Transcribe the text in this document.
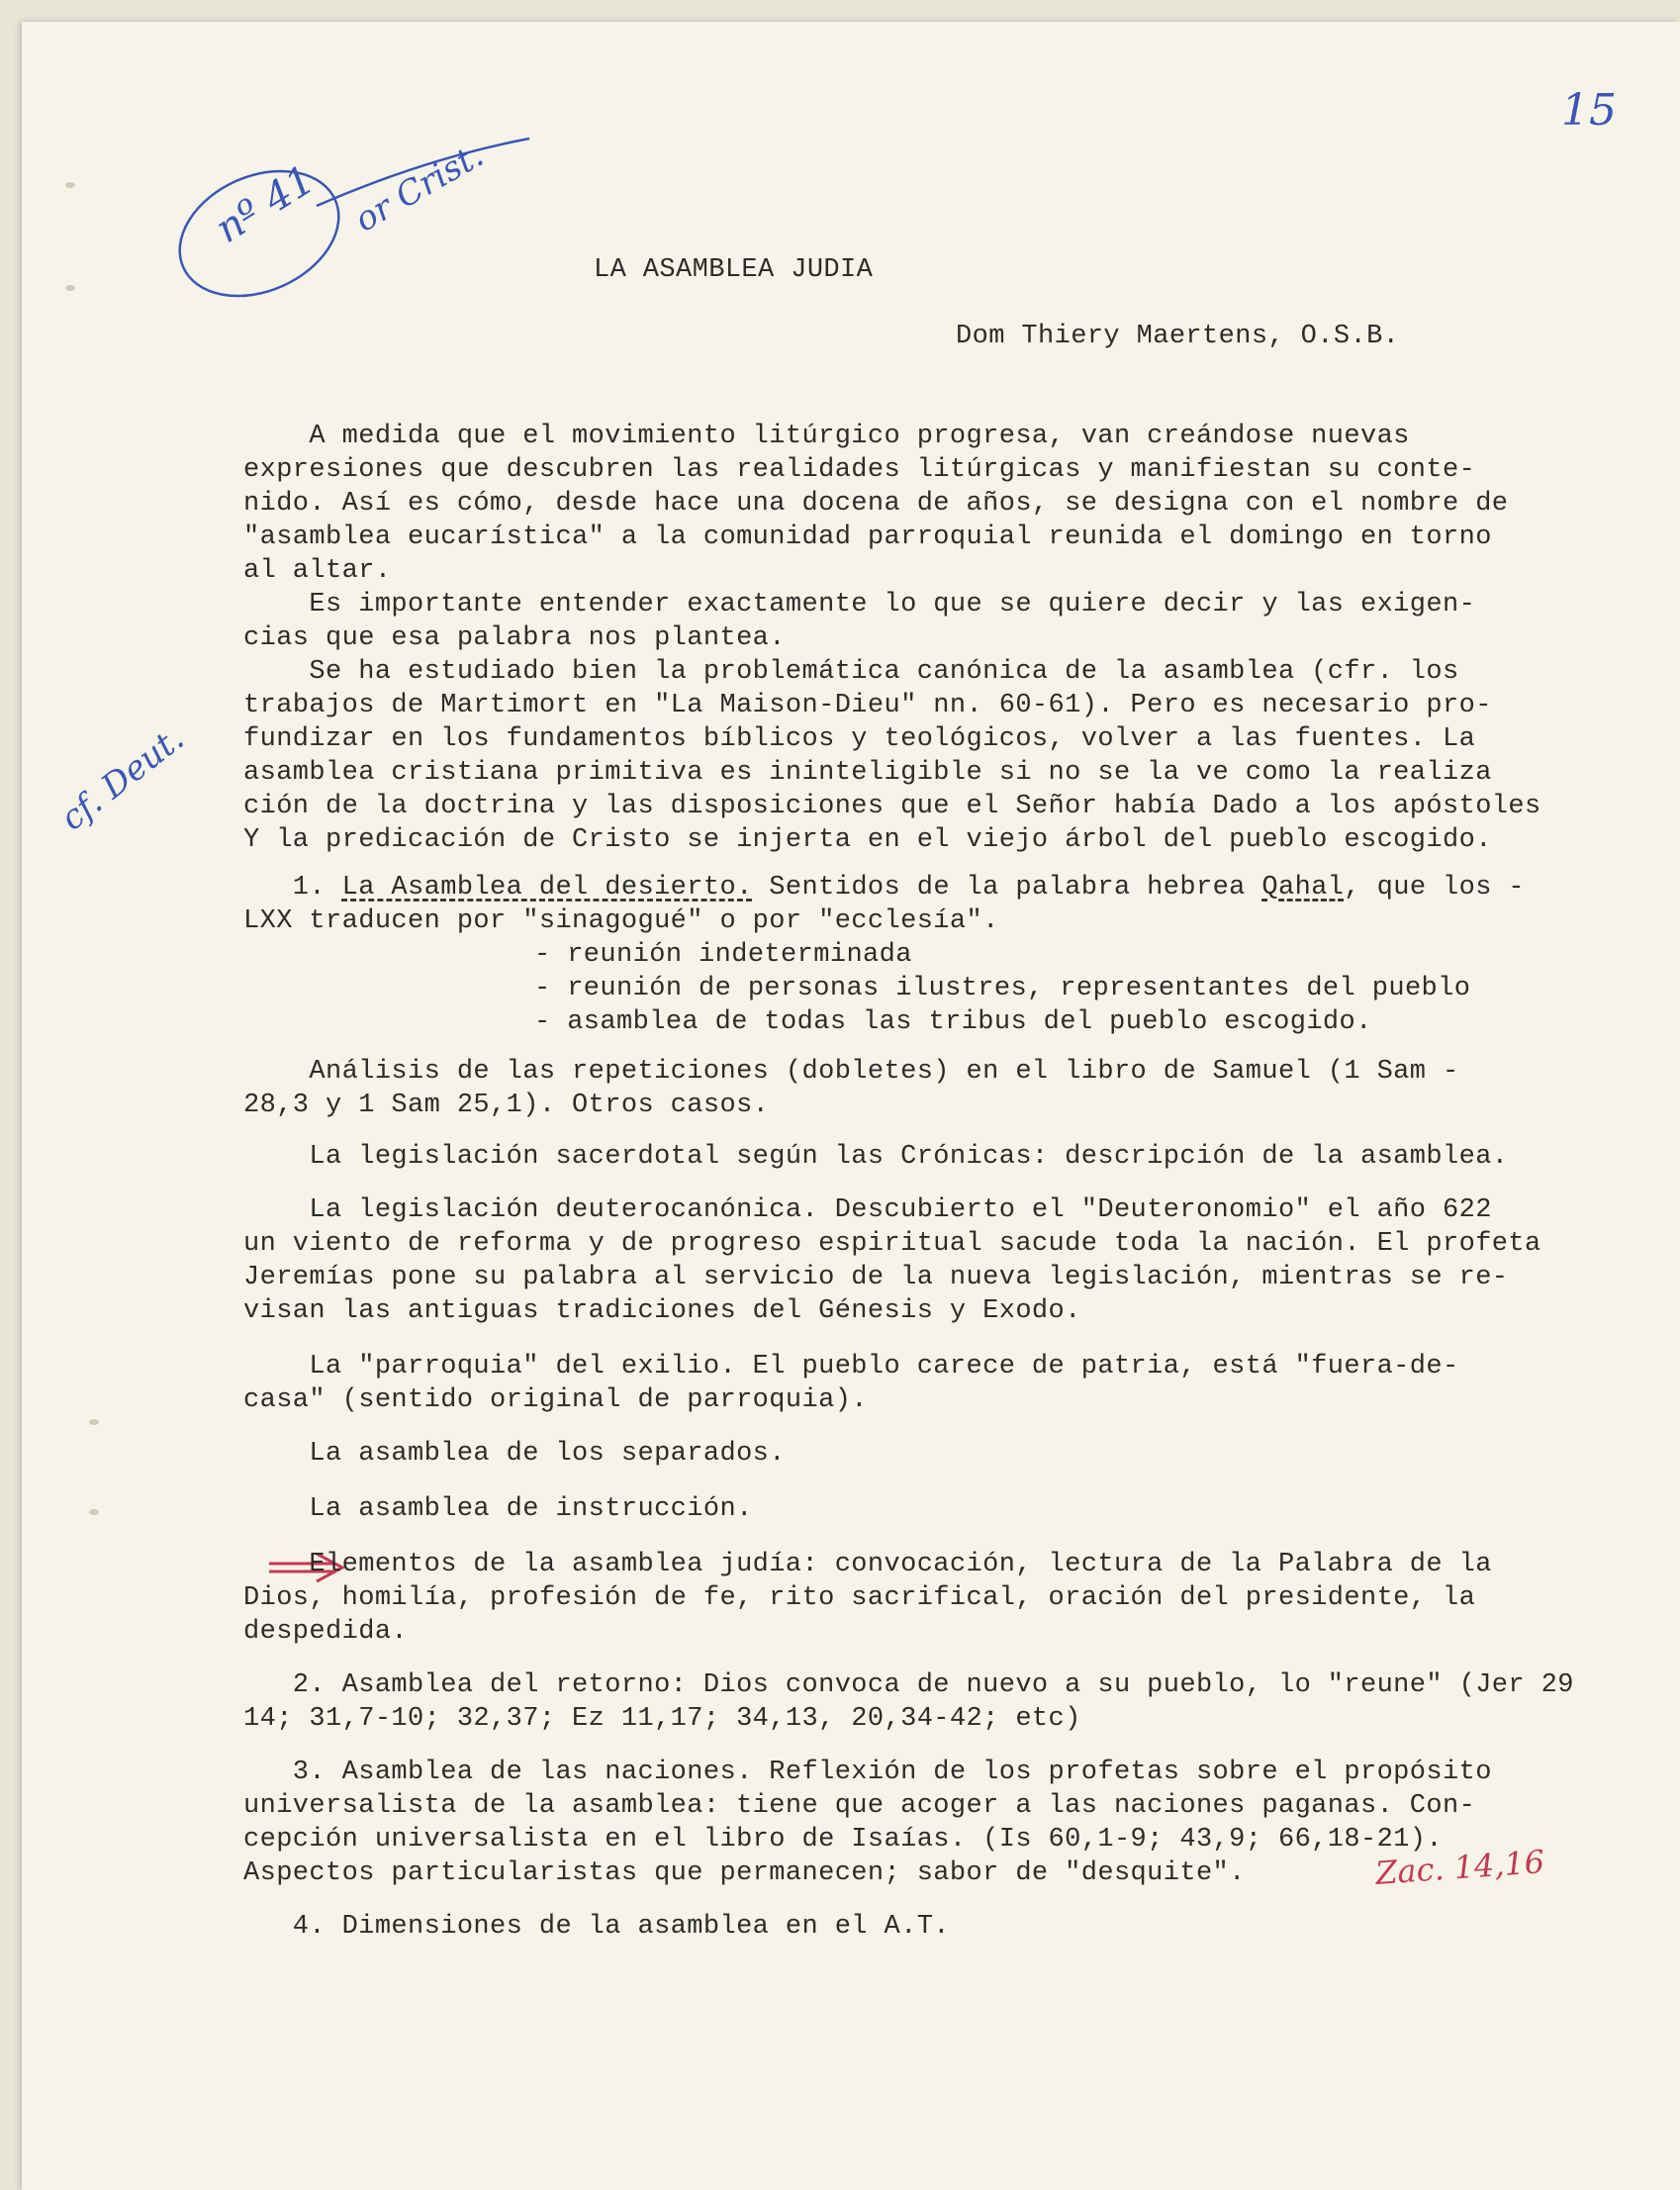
15
nº 41 or Crist.
cf. Deut.
LA ASAMBLEA JUDIA
Dom Thiery Maertens, O.S.B.
A medida que el movimiento litúrgico progresa, van creándose nuevas
expresiones que descubren las realidades litúrgicas y manifiestan su conte-
nido. Así es cómo, desde hace una docena de años, se designa con el nombre de
"asamblea eucarística" a la comunidad parroquial reunida el domingo en torno
al altar.
Es importante entender exactamente lo que se quiere decir y las exigen-
cias que esa palabra nos plantea.
Se ha estudiado bien la problemática canónica de la asamblea (cfr. los
trabajos de Martimort en "La Maison-Dieu" nn. 60-61). Pero es necesario pro-
fundizar en los fundamentos bíblicos y teológicos, volver a las fuentes. La
asamblea cristiana primitiva es ininteligible si no se la ve como la realiza
ción de la doctrina y las disposiciones que el Señor había Dado a los apóstoles
Y la predicación de Cristo se injerta en el viejo árbol del pueblo escogido.
1. La Asamblea del desierto. Sentidos de la palabra hebrea Qahal, que los -
LXX traducen por "sinagogué" o por "ecclesía".
- reunión indeterminada
- reunión de personas ilustres, representantes del pueblo
- asamblea de todas las tribus del pueblo escogido.
Análisis de las repeticiones (dobletes) en el libro de Samuel (1 Sam -
28,3 y 1 Sam 25,1). Otros casos.
La legislación sacerdotal según las Crónicas: descripción de la asamblea.
La legislación deuterocanónica. Descubierto el "Deuteronomio" el año 622
un viento de reforma y de progreso espiritual sacude toda la nación. El profeta
Jeremías pone su palabra al servicio de la nueva legislación, mientras se re-
visan las antiguas tradiciones del Génesis y Exodo.
La "parroquia" del exilio. El pueblo carece de patria, está "fuera-de-
casa" (sentido original de parroquia).
La asamblea de los separados.
La asamblea de instrucción.
Elementos de la asamblea judía: convocación, lectura de la Palabra de la
Dios, homilía, profesión de fe, rito sacrifical, oración del presidente, la
despedida.
2. Asamblea del retorno: Dios convoca de nuevo a su pueblo, lo "reune" (Jer 29
14; 31,7-10; 32,37; Ez 11,17; 34,13, 20,34-42; etc)
3. Asamblea de las naciones. Reflexión de los profetas sobre el propósito
universalista de la asamblea: tiene que acoger a las naciones paganas. Con-
cepción universalista en el libro de Isaías. (Is 60,1-9; 43,9; 66,18-21).
Aspectos particularistas que permanecen; sabor de "desquite".	Zac. 14,16
4. Dimensiones de la asamblea en el A.T.
